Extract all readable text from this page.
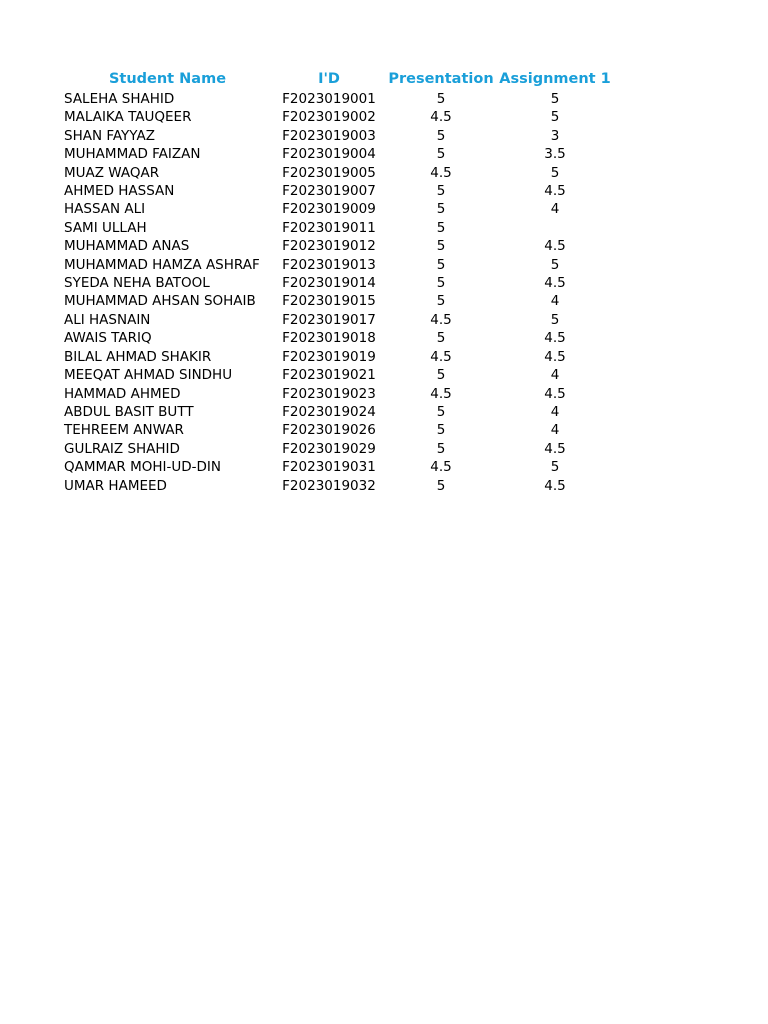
Student Name	I'D	Presentation	Assignment 1
SALEHA SHAHID	F2023019001	5	5
MALAIKA TAUQEER	F2023019002	4.5	5
SHAN FAYYAZ	F2023019003	5	3
MUHAMMAD FAIZAN	F2023019004	5	3.5
MUAZ WAQAR	F2023019005	4.5	5
AHMED HASSAN	F2023019007	5	4.5
HASSAN ALI	F2023019009	5	4
SAMI ULLAH	F2023019011	5	
MUHAMMAD ANAS	F2023019012	5	4.5
MUHAMMAD HAMZA ASHRAF	F2023019013	5	5
SYEDA NEHA BATOOL	F2023019014	5	4.5
MUHAMMAD AHSAN SOHAIB	F2023019015	5	4
ALI HASNAIN	F2023019017	4.5	5
AWAIS TARIQ	F2023019018	5	4.5
BILAL AHMAD SHAKIR	F2023019019	4.5	4.5
MEEQAT AHMAD SINDHU	F2023019021	5	4
HAMMAD AHMED	F2023019023	4.5	4.5
ABDUL BASIT BUTT	F2023019024	5	4
TEHREEM ANWAR	F2023019026	5	4
GULRAIZ SHAHID	F2023019029	5	4.5
QAMMAR MOHI-UD-DIN	F2023019031	4.5	5
UMAR HAMEED	F2023019032	5	4.5
